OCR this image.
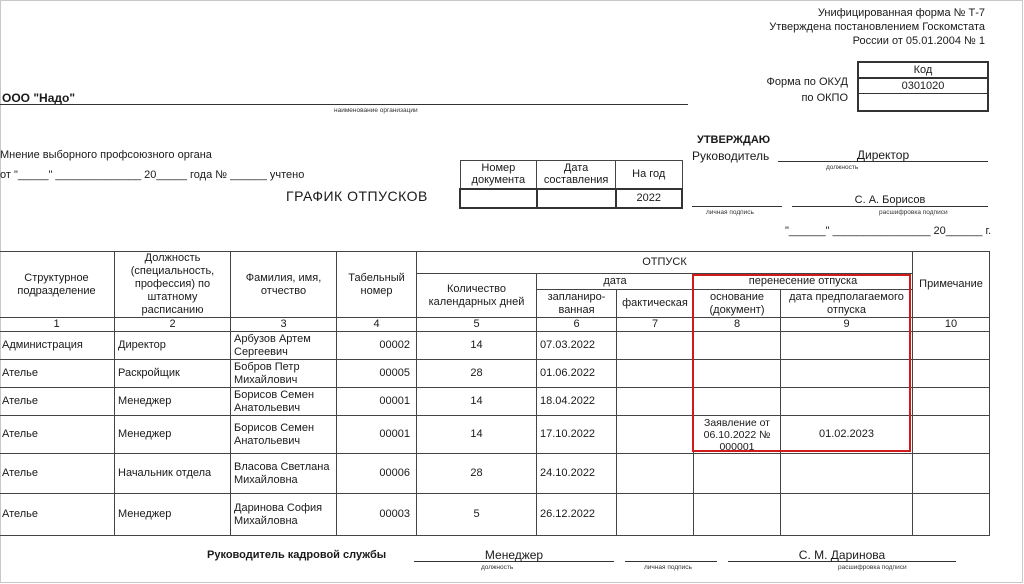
Унифицированная форма № Т-7
Утверждена постановлением Госкомстата
России от 05.01.2004 № 1
Форма по ОКУД
по ОКПО
Код
0301020

ООО "Надо"
наименование организации
Мнение выборного профсоюзного органа
от "_____" ______________ 20_____ года № ______ учтено
УТВЕРЖДАЮ
Руководитель	Директор
должность
С. А. Борисов
личная подпись	расшифровка подписи
"______" ________________ 20______ г.
ГРАФИК ОТПУСКОВ
Номер документа	Дата составления	На год
		2022
Структурное подразделение	Должность (специальность, профессия) по штатному расписанию	Фамилия, имя, отчество	Табельный номер	ОТПУСК					Примечание
				Количество календарных дней	дата		перенесение отпуска		
					запланиро-ванная	фактическая	основание (документ)	дата предполагаемого отпуска	
1	2	3	4	5	6	7	8	9	10
Администрация	Директор	Арбузов Артем Сергеевич	00002	14	07.03.2022				
Ателье	Раскройщик	Бобров Петр Михайлович	00005	28	01.06.2022				
Ателье	Менеджер	Борисов Семен Анатольевич	00001	14	18.04.2022				
Ателье	Менеджер	Борисов Семен Анатольевич	00001	14	17.10.2022		Заявление от 06.10.2022 № 000001	01.02.2023	
Ателье	Начальник отдела	Власова Светлана Михайловна	00006	28	24.10.2022				
Ателье	Менеджер	Даринова София Михайловна	00003	5	26.12.2022				
Руководитель кадровой службы	Менеджер	С. М. Даринова
должность	личная подпись	расшифровка подписи
